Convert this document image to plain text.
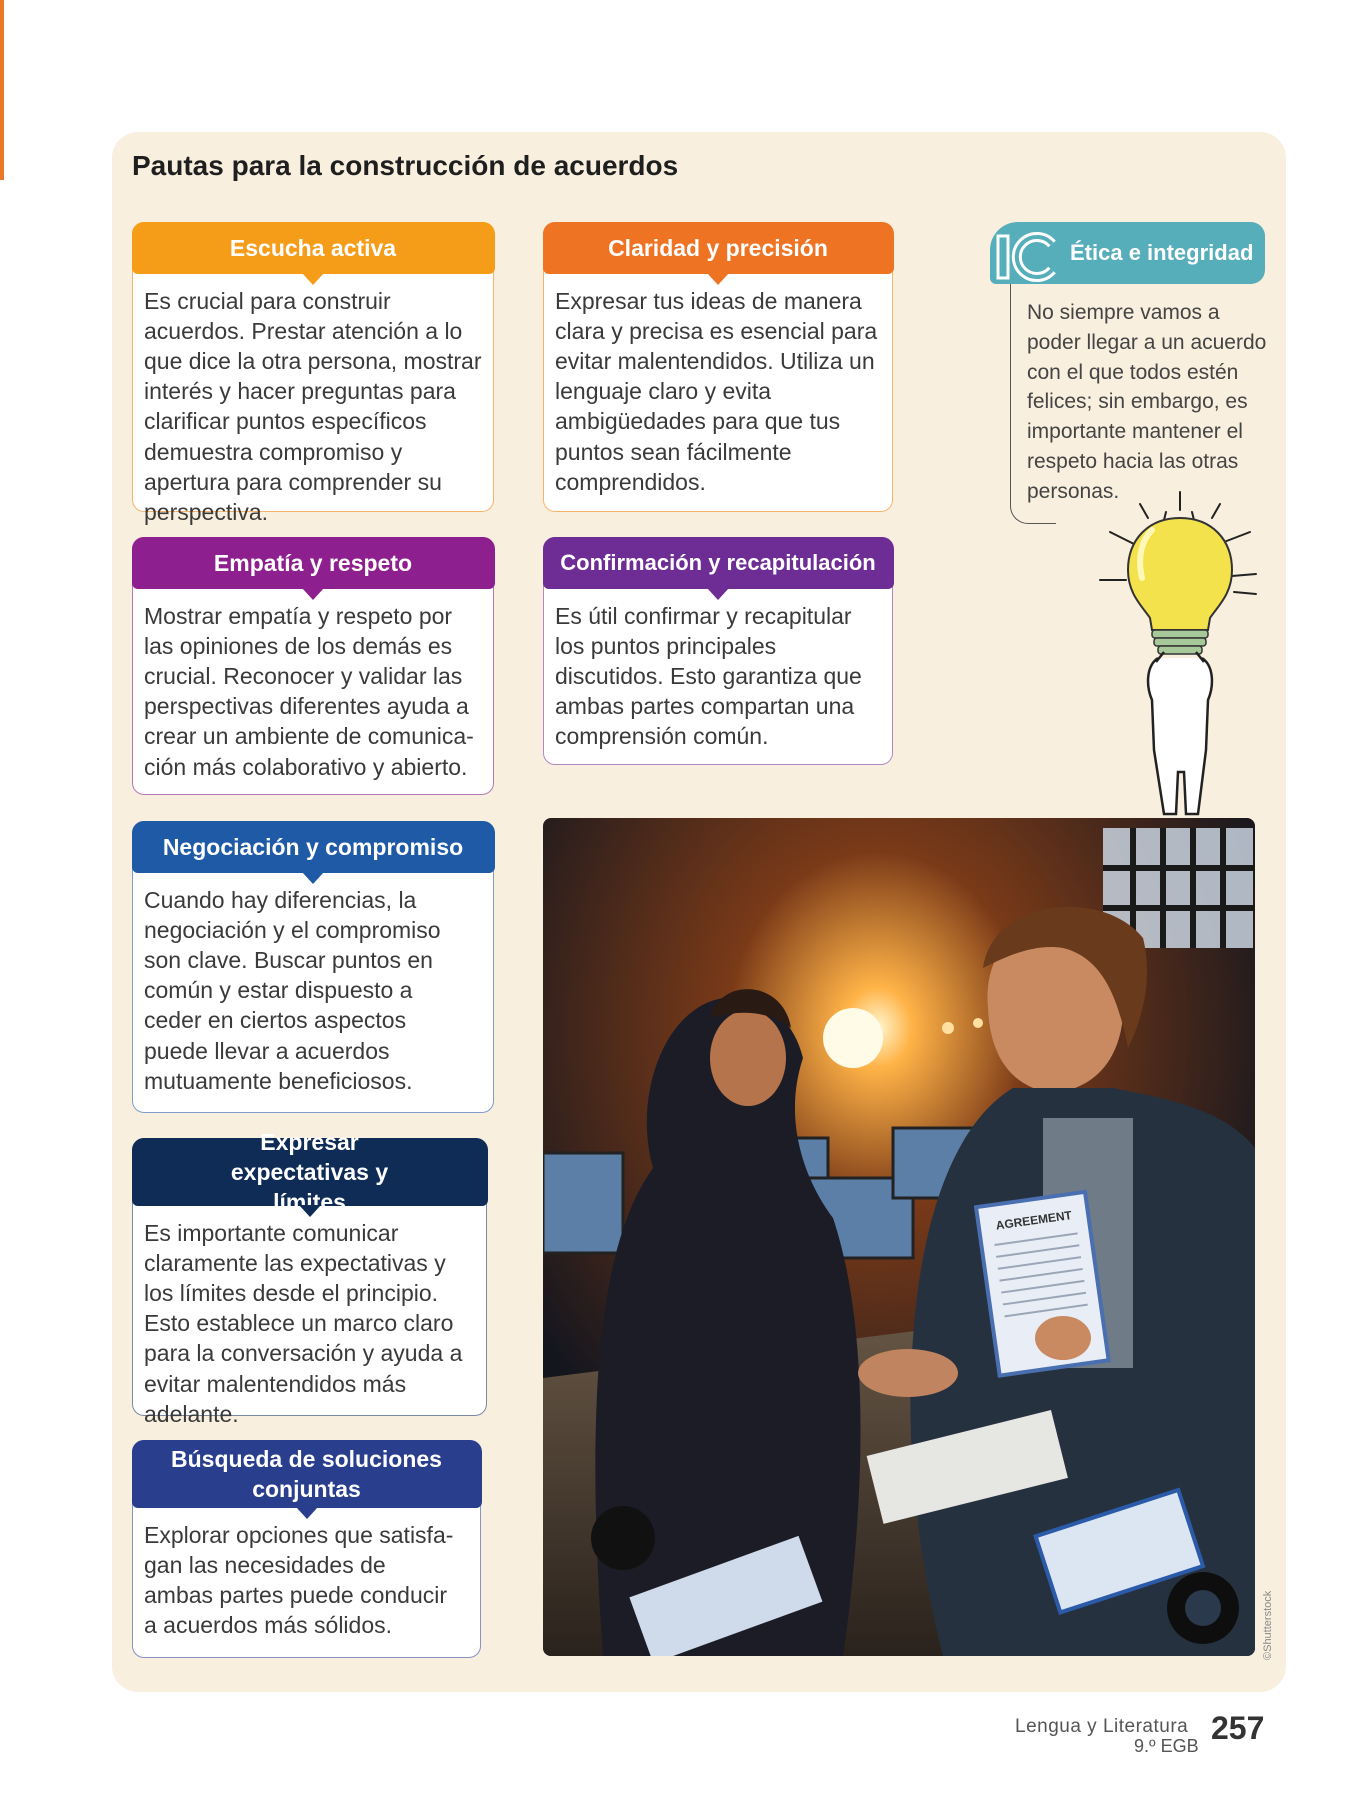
Pautas para la construcción de acuerdos
Escucha activa
Es crucial para construir acuerdos. Prestar atención a lo que dice la otra persona, mostrar interés y hacer preguntas para clarificar puntos específicos demuestra compromiso y apertura para comprender su perspectiva.
Claridad y precisión
Expresar tus ideas de manera clara y precisa es esencial para evitar malentendidos. Utiliza un lenguaje claro y evita ambigüedades para que tus puntos sean fácilmente comprendidos.
Empatía y respeto
Mostrar empatía y respeto por las opiniones de los demás es crucial. Reconocer y validar las perspectivas diferentes ayuda a crear un ambiente de comunica-ción más colaborativo y abierto.
Confirmación y recapitulación
Es útil confirmar y recapitular los puntos principales discutidos. Esto garantiza que ambas partes compartan una comprensión común.
Negociación y compromiso
Cuando hay diferencias, la negociación y el compromiso son clave. Buscar puntos en común y estar dispuesto a ceder en ciertos aspectos puede llevar a acuerdos mutuamente beneficiosos.
Expresar expectativas y límites
Es importante comunicar claramente las expectativas y los límites desde el principio. Esto establece un marco claro para la conversación y ayuda a evitar malentendidos más adelante.
Búsqueda de soluciones conjuntas
Explorar opciones que satisfa-gan las necesidades de ambas partes puede conducir a acuerdos más sólidos.
Ética e integridad
No siempre vamos a poder llegar a un acuerdo con el que todos estén felices; sin embargo, es importante mantener el respeto hacia las otras personas.
AGREEMENT
©Shutterstock
Lengua y Literatura
9.º EGB 257
